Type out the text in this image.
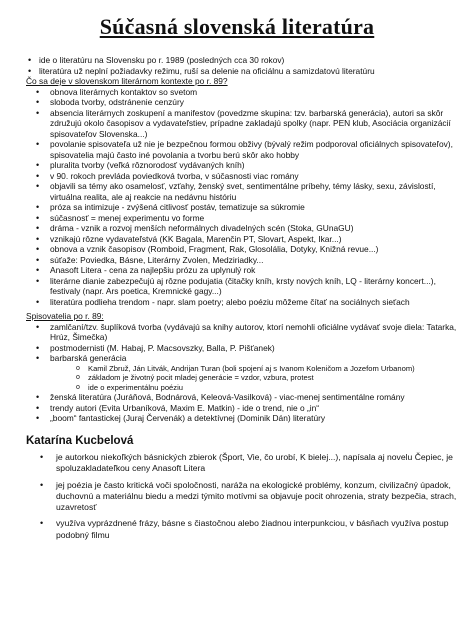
Súčasná slovenská literatúra
• ide o literatúru na Slovensku po r. 1989 (posledných cca 30 rokov)
• literatúra už neplní požiadavky režimu, ruší sa delenie na oficiálnu a samizdatovú literatúru
Čo sa deje v slovenskom literárnom kontexte po r. 89?
• obnova literárnych kontaktov so svetom
• sloboda tvorby, odstránenie cenzúry
• absencia literárnych zoskupení a manifestov (povedzme skupina: tzv. barbarská generácia), autori sa skôr združujú okolo časopisov a vydavateľstiev, prípadne zakladajú spolky (napr. PEN klub, Asociácia organizácií spisovateľov Slovenska...)
• povolanie spisovateľa už nie je bezpečnou formou obživy (bývalý režim podporoval oficiálnych spisovateľov), spisovatelia majú často iné povolania a tvorbu berú skôr ako hobby
• pluralita tvorby (veľká rôznorodosť vydávaných kníh)
• v 90. rokoch prevláda poviedková tvorba, v súčasnosti viac romány
• objavili sa témy ako osamelosť, vzťahy, ženský svet, sentimentálne príbehy, témy lásky, sexu, závislostí, virtuálna realita, ale aj reakcie na nedávnu históriu
• próza sa intimizuje - zvýšená citlivosť postáv, tematizuje sa súkromie
• súčasnosť = menej experimentu vo forme
• dráma - vznik a rozvoj menších neformálnych divadelných scén (Stoka, GUnaGU)
• vznikajú rôzne vydavateľstvá (KK Bagala, Marenčin PT, Slovart, Aspekt, Ikar...)
• obnova a vznik časopisov (Romboid, Fragment, Rak, Glosolália, Dotyky, Knižná revue...)
• súťaže: Poviedka, Básne, Literárny Zvolen, Medziriadky...
• Anasoft Litera - cena za najlepšiu prózu za uplynulý rok
• literárne dianie zabezpečujú aj rôzne podujatia (čitačky kníh, krsty nových kníh, LQ - literárny koncert...), festivaly (napr. Ars poetica, Kremnické gagy...)
• literatúra podlieha trendom - napr. slam poetry; alebo poéziu môžeme čítať na sociálnych sieťach
Spisovatelia po r. 89:
• zamlčaní/tzv. šuplíková tvorba (vydávajú sa knihy autorov, ktorí nemohli oficiálne vydávať svoje diela: Tatarka, Hrúz, Šimečka)
• postmodernisti (M. Habaj, P. Macsovszky, Balla, P. Pišťanek)
• barbarská generácia
o Kamil Zbruž, Ján Litvák, Andrijan Turan (boli spojení aj s Ivanom Koleničom a Jozefom Urbanom)
o základom je životný pocit mladej generácie = vzdor, vzbura, protest
o ide o experimentálnu poéziu
• ženská literatúra (Juráňová, Bodnárová, Keleová-Vasilková) - viac-menej sentimentálne romány
• trendy autori (Evita Urbaníková, Maxim E. Matkin) - ide o trend, nie o „in“
• „boom“ fantastickej (Juraj Červenák) a detektívnej (Dominik Dán) literatúry
Katarína Kucbelová
• je autorkou niekoľkých básnických zbierok (Šport, Vie, čo urobí, K bielej...), napísala aj novelu Čepiec, je spoluzakladateľkou ceny Anasoft Litera
• jej poézia je často kritická voči spoločnosti, naráža na ekologické problémy, konzum, civilizačný úpadok, duchovnú a materiálnu biedu a medzi týmito motívmi sa objavuje pocit ohrozenia, straty bezpečia, strach, uzavretosť
• využíva vyprázdnené frázy, básne s čiastočnou alebo žiadnou interpunkciou, v básňach využíva postup podobný filmu
